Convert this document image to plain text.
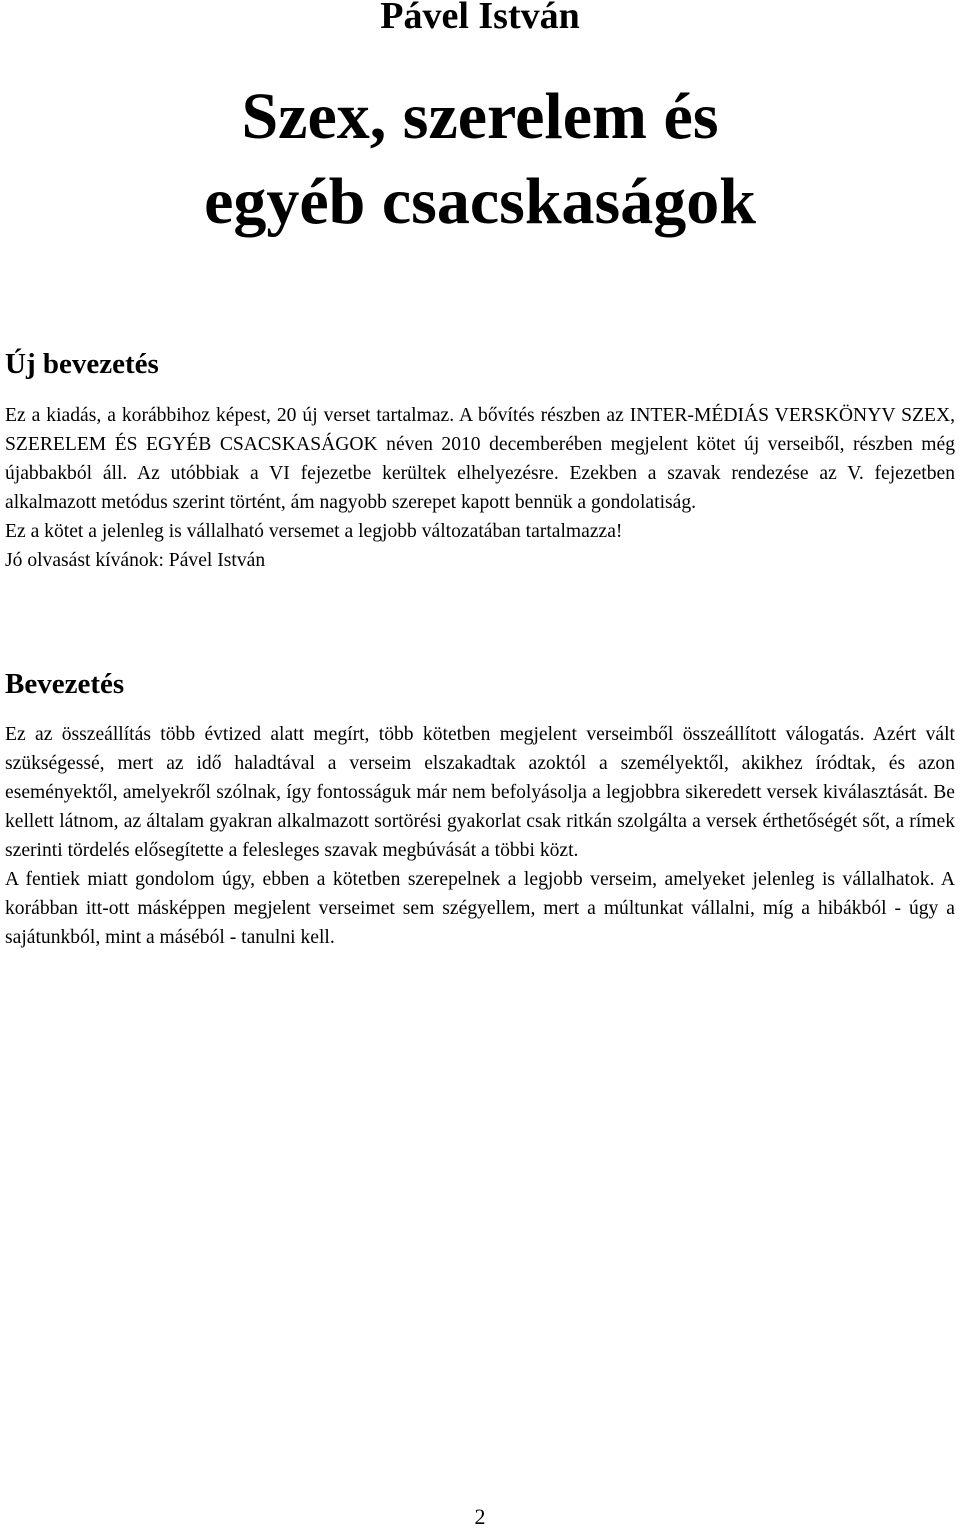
Pável István
Szex, szerelem és
egyéb csacskaságok
Új bevezetés

Ez a kiadás, a korábbihoz képest, 20 új verset tartalmaz. A bővítés részben az INTER-MÉDIÁS VERSKÖNYV SZEX, SZERELEM ÉS EGYÉB CSACSKASÁGOK néven 2010 decemberében megjelent kötet új verseiből, részben még újabbakból áll. Az utóbbiak a VI fejezetbe kerültek elhelyezésre. Ezekben a szavak rendezése az V. fejezetben alkalmazott metódus szerint történt, ám nagyobb szerepet kapott bennük a gondolatiság.

Ez a kötet a jelenleg is vállalható versemet a legjobb változatában tartalmazza!

Jó olvasást kívánok: Pável István

Bevezetés

Ez az összeállítás több évtized alatt megírt, több kötetben megjelent verseimből összeállított válogatás. Azért vált szükségessé, mert az idő haladtával a verseim elszakadtak azoktól a személyektől, akikhez íródtak, és azon eseményektől, amelyekről szólnak, így fontosságuk már nem befolyásolja a legjobbra sikeredett versek kiválasztását. Be kellett látnom, az általam gyakran alkalmazott sortörési gyakorlat csak ritkán szolgálta a versek érthetőségét sőt, a rímek szerinti tördelés elősegítette a felesleges szavak megbúvását a többi közt.

A fentiek miatt gondolom úgy, ebben a kötetben szerepelnek a legjobb verseim, amelyeket jelenleg is vállalhatok. A korábban itt-ott másképpen megjelent verseimet sem szégyellem, mert a múltunkat vállalni, míg a hibákból - úgy a sajátunkból, mint a máséból - tanulni kell.

2
